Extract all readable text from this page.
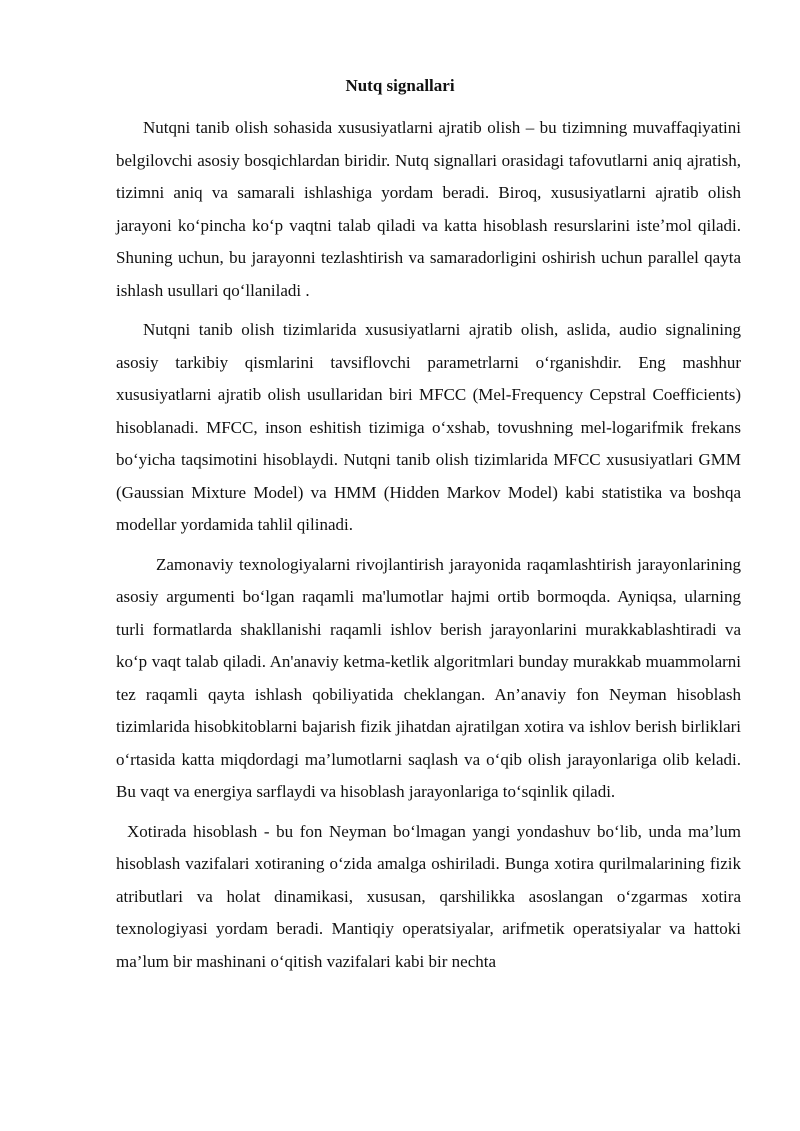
Nutq signallari

Nutqni tanib olish sohasida xususiyatlarni ajratib olish – bu tizimning muvaffaqiyatini belgilovchi asosiy bosqichlardan biridir. Nutq signallari orasidagi tafovutlarni aniq ajratish, tizimni aniq va samarali ishlashiga yordam beradi. Biroq, xususiyatlarni ajratib olish jarayoni koʻpincha koʻp vaqtni talab qiladi va katta hisoblash resurslarini isteʼmol qiladi. Shuning uchun, bu jarayonni tezlashtirish va samaradorligini oshirish uchun parallel qayta ishlash usullari qoʻllaniladi .

Nutqni tanib olish tizimlarida xususiyatlarni ajratib olish, aslida, audio signalining asosiy tarkibiy qismlarini tavsiflovchi parametrlarni oʻrganishdir. Eng mashhur xususiyatlarni ajratib olish usullaridan biri MFCC (Mel-Frequency Cepstral Coefficients) hisoblanadi. MFCC, inson eshitish tizimiga oʻxshab, tovushning mel-logarifmik frekans boʻyicha taqsimotini hisoblaydi. Nutqni tanib olish tizimlarida MFCC xususiyatlari GMM (Gaussian Mixture Model) va HMM (Hidden Markov Model) kabi statistika va boshqa modellar yordamida tahlil qilinadi.

Zamonaviy texnologiyalarni rivojlantirish jarayonida raqamlashtirish jarayonlarining asosiy argumenti boʻlgan raqamli ma'lumotlar hajmi ortib bormoqda. Ayniqsa, ularning turli formatlarda shakllanishi raqamli ishlov berish jarayonlarini murakkablashtiradi va koʻp vaqt talab qiladi. An'anaviy ketma-ketlik algoritmlari bunday murakkab muammolarni tez raqamli qayta ishlash qobiliyatida cheklangan. An’anaviy fon Neyman hisoblash tizimlarida hisobkitoblarni bajarish fizik jihatdan ajratilgan xotira va ishlov berish birliklari oʻrtasida katta miqdordagi ma’lumotlarni saqlash va oʻqib olish jarayonlariga olib keladi. Bu vaqt va energiya sarflaydi va hisoblash jarayonlariga toʻsqinlik qiladi.

Xotirada hisoblash - bu fon Neyman boʻlmagan yangi yondashuv boʻlib, unda ma’lum hisoblash vazifalari xotiraning oʻzida amalga oshiriladi. Bunga xotira qurilmalarining fizik atributlari va holat dinamikasi, xususan, qarshilikka asoslangan oʻzgarmas xotira texnologiyasi yordam beradi. Mantiqiy operatsiyalar, arifmetik operatsiyalar va hattoki ma’lum bir mashinani oʻqitish vazifalari kabi bir nechta
